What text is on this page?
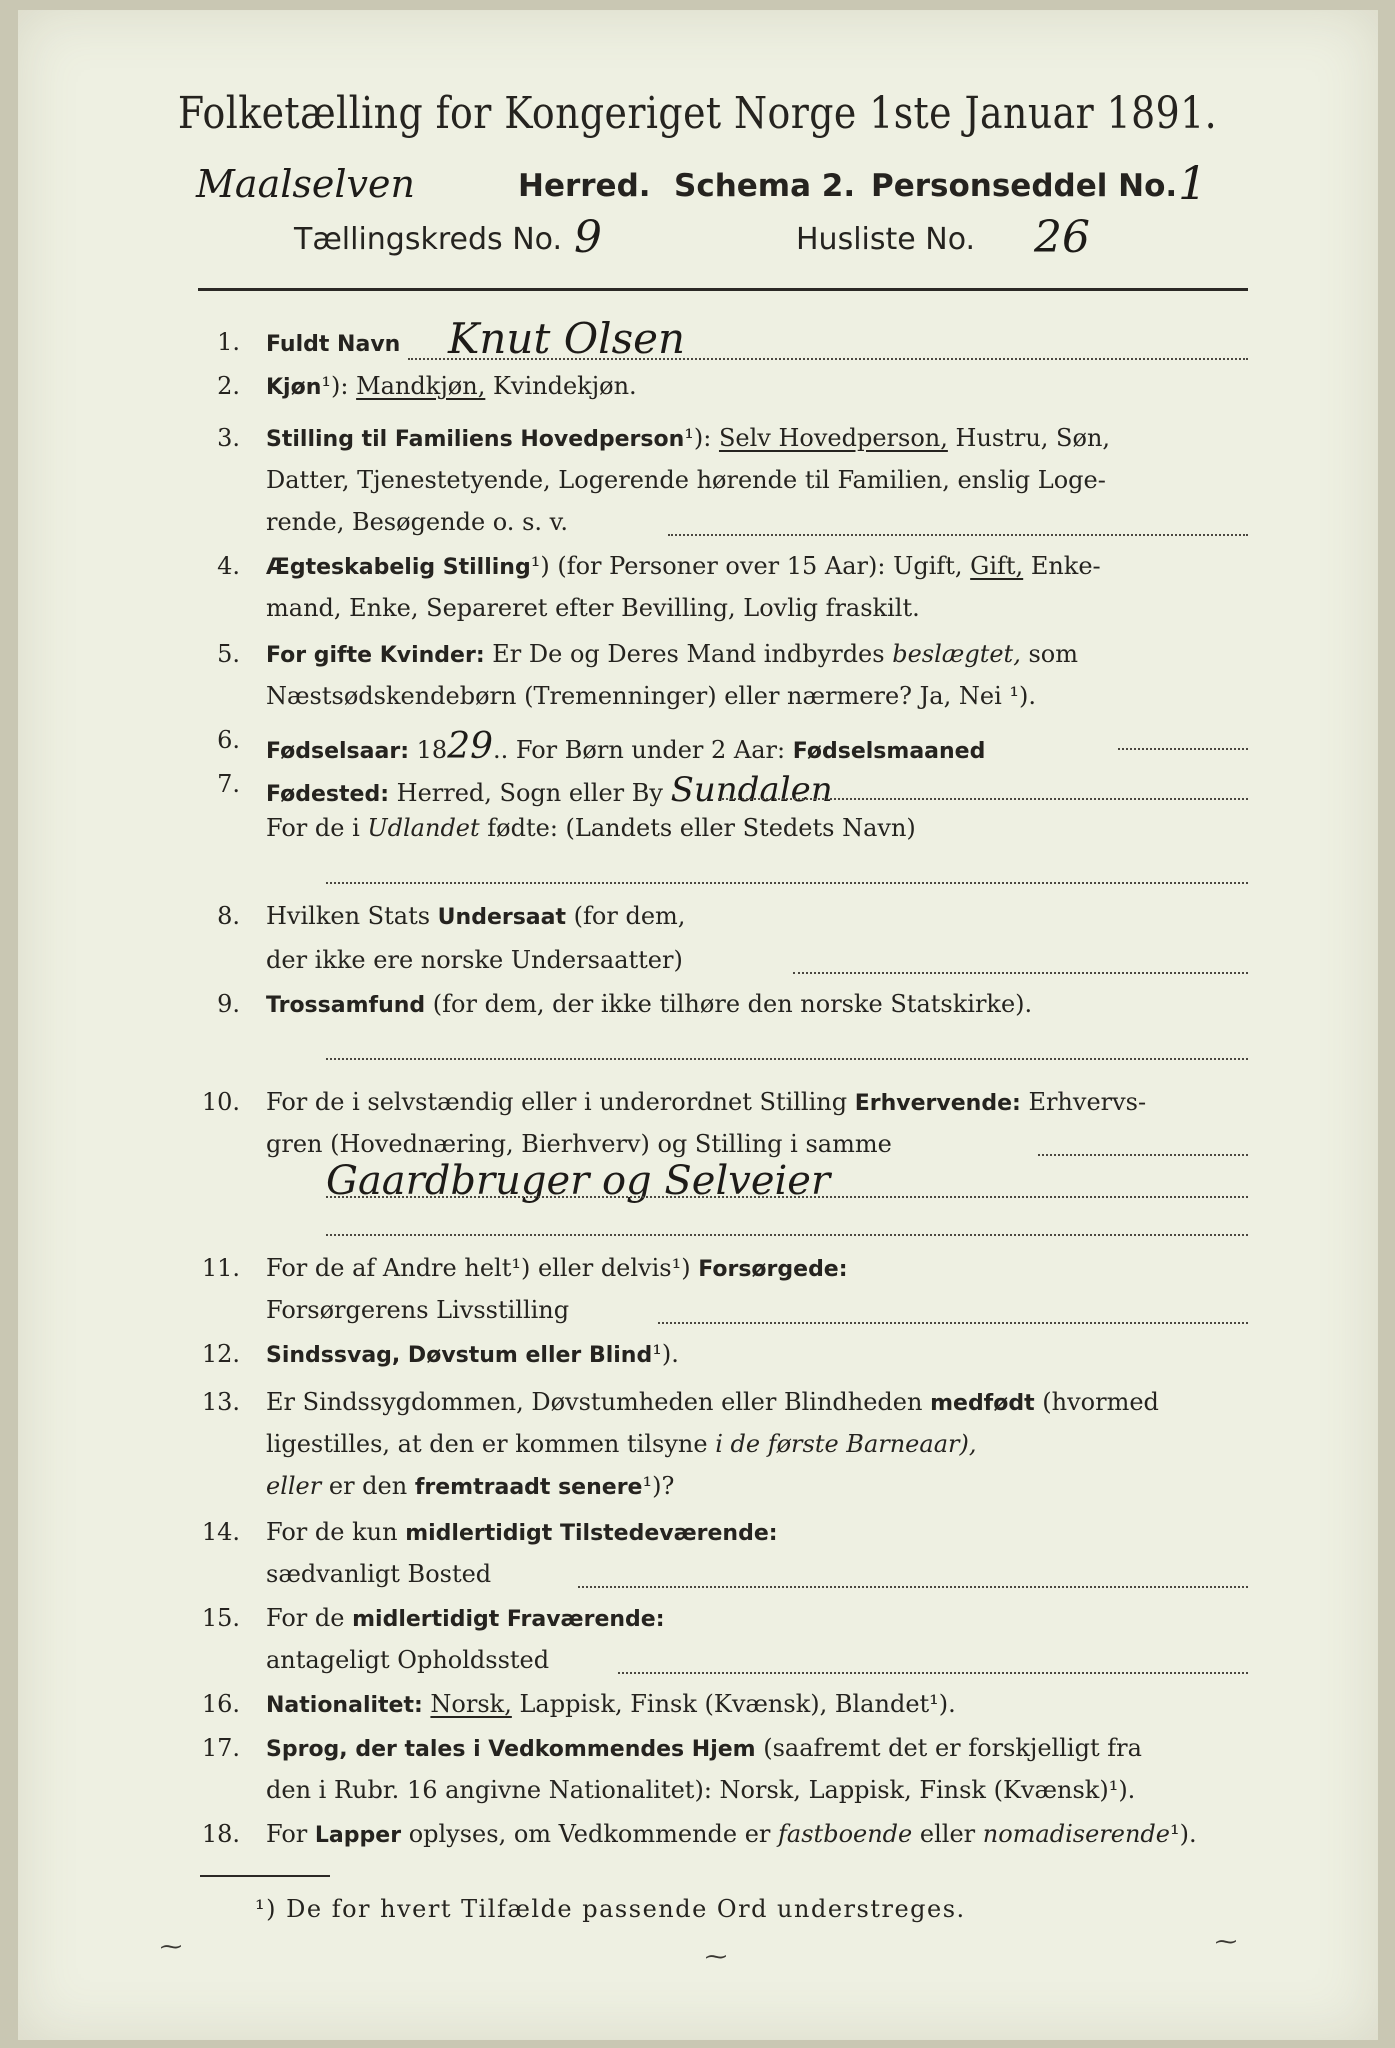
Folketælling for Kongeriget Norge 1ste Januar 1891.
Maalselven	Herred. Schema 2. Personseddel No. 1
Tællingskreds No. 9	Husliste No. 26
1. Fuldt Navn Knut Olsen
2. Kjøn¹): Mandkjøn, Kvindekjøn.
3. Stilling til Familiens Hovedperson¹): Selv Hovedperson, Hustru, Søn,
Datter, Tjenestetyende, Logerende hørende til Familien, enslig Loge-
rende, Besøgende o. s. v.
4. Ægteskabelig Stilling¹) (for Personer over 15 Aar): Ugift, Gift, Enke-
mand, Enke, Separeret efter Bevilling, Lovlig fraskilt.
5. For gifte Kvinder: Er De og Deres Mand indbyrdes beslægtet, som
Næstsødskendebørn (Tremenninger) eller nærmere? Ja, Nei ¹).
6. Fødselsaar: 1829.. For Børn under 2 Aar: Fødselsmaaned
7. Fødested: Herred, Sogn eller By Sundalen
For de i Udlandet fødte: (Landets eller Stedets Navn)
8. Hvilken Stats Undersaat (for dem,
der ikke ere norske Undersaatter)
9. Trossamfund (for dem, der ikke tilhøre den norske Statskirke).
10. For de i selvstændig eller i underordnet Stilling Erhvervende: Erhvervs-
gren (Hovednæring, Bierhverv) og Stilling i samme
Gaardbruger og Selveier
11. For de af Andre helt¹) eller delvis¹) Forsørgede:
Forsørgerens Livsstilling
12. Sindssvag, Døvstum eller Blind¹).
13. Er Sindssygdommen, Døvstumheden eller Blindheden medfødt (hvormed
ligestilles, at den er kommen tilsyne i de første Barneaar),
eller er den fremtraadt senere¹)?
14. For de kun midlertidigt Tilstedeværende:
sædvanligt Bosted
15. For de midlertidigt Fraværende:
antageligt Opholdssted
16. Nationalitet: Norsk, Lappisk, Finsk (Kvænsk), Blandet¹).
17. Sprog, der tales i Vedkommendes Hjem (saafremt det er forskjelligt fra
den i Rubr. 16 angivne Nationalitet): Norsk, Lappisk, Finsk (Kvænsk)¹).
18. For Lapper oplyses, om Vedkommende er fastboende eller nomadiserende¹).
¹) De for hvert Tilfælde passende Ord understreges.
⁓	⁓
⁓
